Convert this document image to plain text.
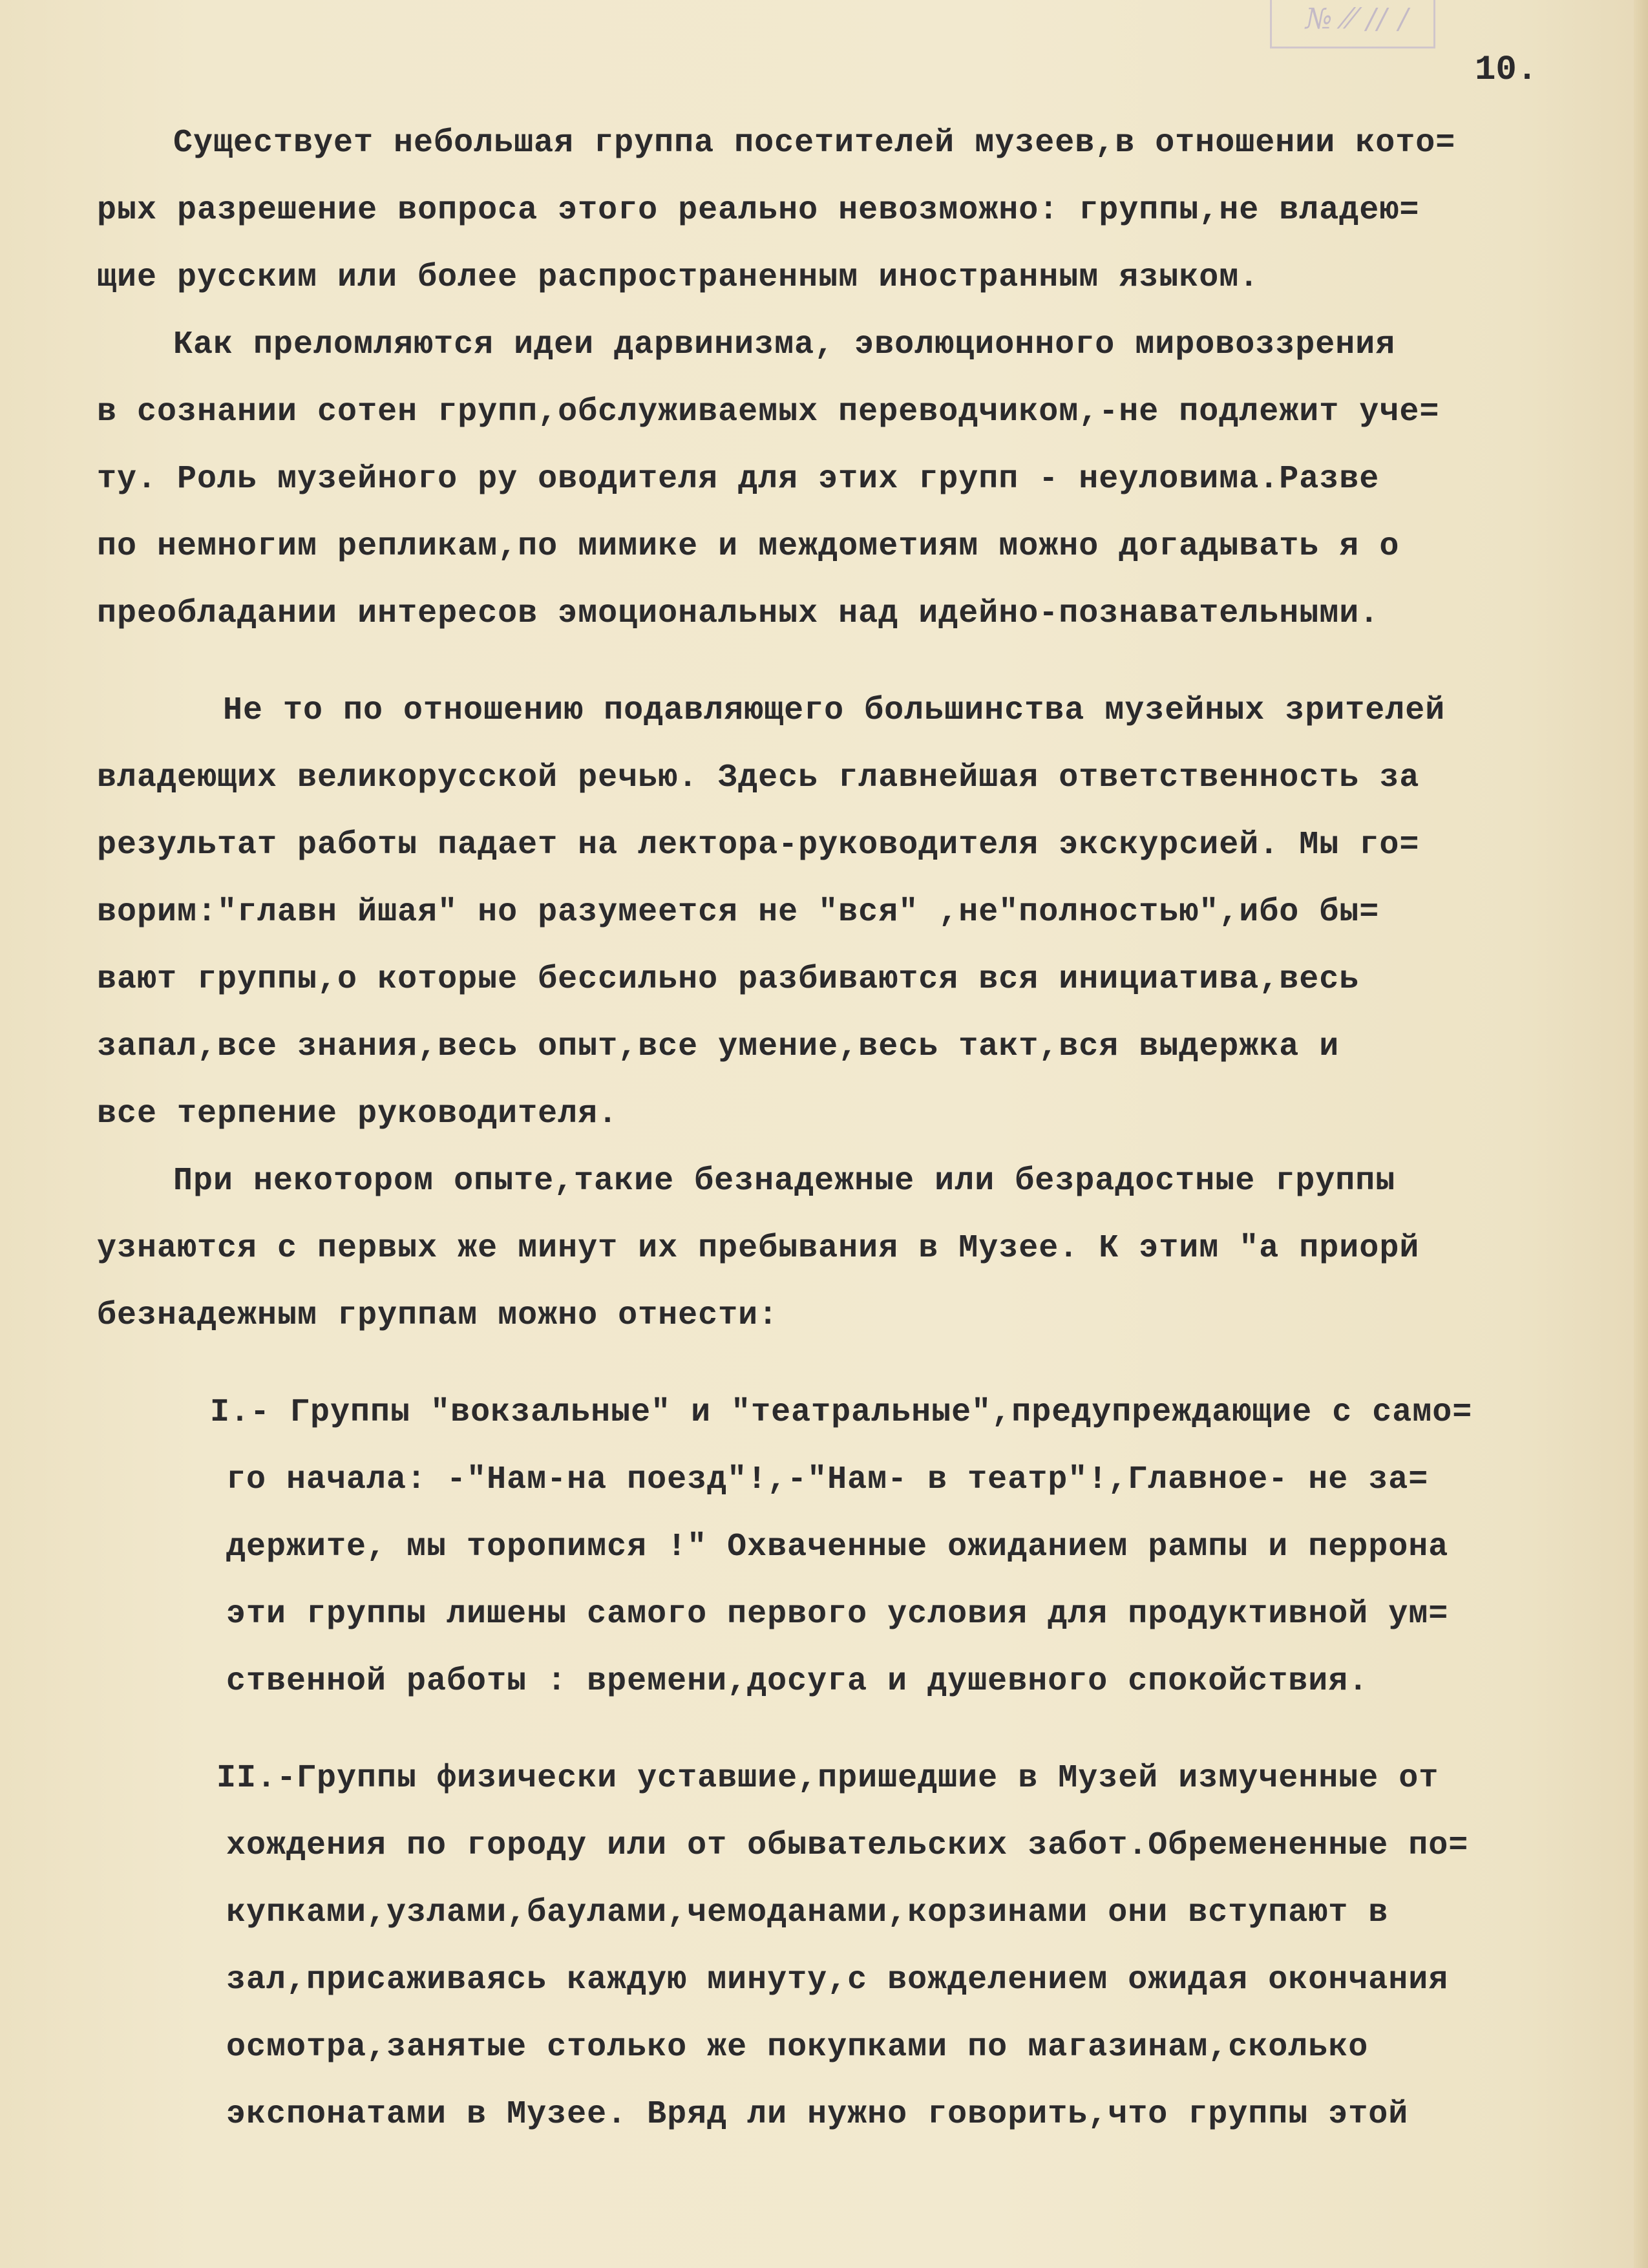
№ ⁄⁄ ∕∕ ∕
10.
Существует небольшая группа посетителей музеев,в отношении кото=
рых разрешение вопроса этого реально невозможно: группы,не владею=
щие русским или более распространенным иностранным языком.
Как преломляются идеи дарвинизма, эволюционного мировоззрения
в сознании сотен групп,обслуживаемых переводчиком,-не подлежит уче=
ту. Роль музейного ру оводителя для этих групп - неуловима.Разве
по немногим репликам,по мимике и междометиям можно догадывать я о
преобладании интересов эмоциональных над идейно-познавательными.
Не то по отношению подавляющего большинства музейных зрителей
владеющих великорусской речью. Здесь главнейшая ответственность за
результат работы падает на лектора-руководителя экскурсией. Мы го=
ворим:"главн йшая" но разумеется не "вся" ,не"полностью",ибо бы=
вают группы,о которые бессильно разбиваются вся инициатива,весь
запал,все знания,весь опыт,все умение,весь такт,вся выдержка и
все терпение руководителя.
При некотором опыте,такие безнадежные или безрадостные группы
узнаются с первых же минут их пребывания в Музее. К этим "а приорй
безнадежным группам можно отнести:
I.- Группы "вокзальные" и "театральные",предупреждающие с само=
го начала: -"Нам-на поезд"!,-"Нам- в театр"!,Главное- не за=
держите, мы торопимся !" Охваченные ожиданием рампы и перрона
эти группы лишены самого первого условия для продуктивной ум=
ственной работы : времени,досуга и душевного спокойствия.
II.-Группы физически уставшие,пришедшие в Музей измученные от
хождения по городу или от обывательских забот.Обремененные по=
купками,узлами,баулами,чемоданами,корзинами они вступают в
зал,присаживаясь каждую минуту,с вожделением ожидая окончания
осмотра,занятые столько же покупками по магазинам,сколько
экспонатами в Музее. Вряд ли нужно говорить,что группы этой
